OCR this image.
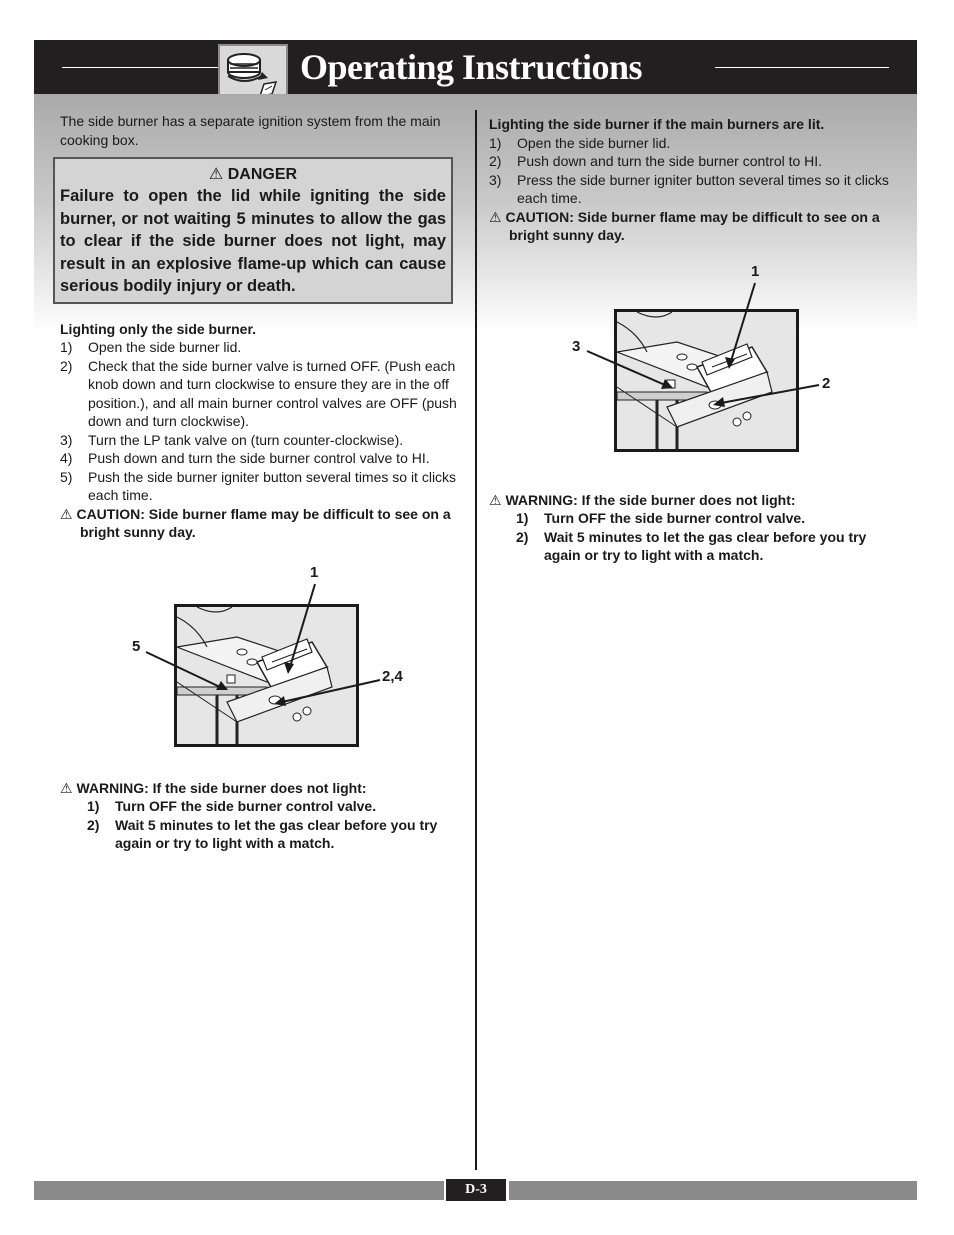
Operating Instructions

The side burner has a separate ignition system from the main cooking box.

⚠ DANGER
Failure to open the lid while igniting the side burner, or not waiting 5 minutes to allow the gas to clear if the side burner does not light, may result in an explosive flame-up which can cause serious bodily injury or death.
Lighting only the side burner.
1) Open the side burner lid.
2) Check that the side burner valve is turned OFF. (Push each knob down and turn clockwise to ensure they are in the off position.), and all main burner control valves are OFF (push down and turn clockwise).
3) Turn the LP tank valve on (turn counter-clockwise).
4) Push down and turn the side burner control valve to HI.
5) Push the side burner igniter button several times so it clicks each time.

⚠ CAUTION: Side burner flame may be difficult to see on a bright sunny day.

1
5
2,4

⚠ WARNING: If the side burner does not light:

1) Turn OFF the side burner control valve.
2) Wait 5 minutes to let the gas clear before you try again or try to light with a match.
Lighting the side burner if the main burners are lit.
1) Open the side burner lid.
2) Push down and turn the side burner control to HI.
3) Press the side burner igniter button several times so it clicks each time.

⚠ CAUTION: Side burner flame may be difficult to see on a bright sunny day.

1
3
2

⚠ WARNING: If the side burner does not light:

1) Turn OFF the side burner control valve.
2) Wait 5 minutes to let the gas clear before you try again or try to light with a match.
D-3
